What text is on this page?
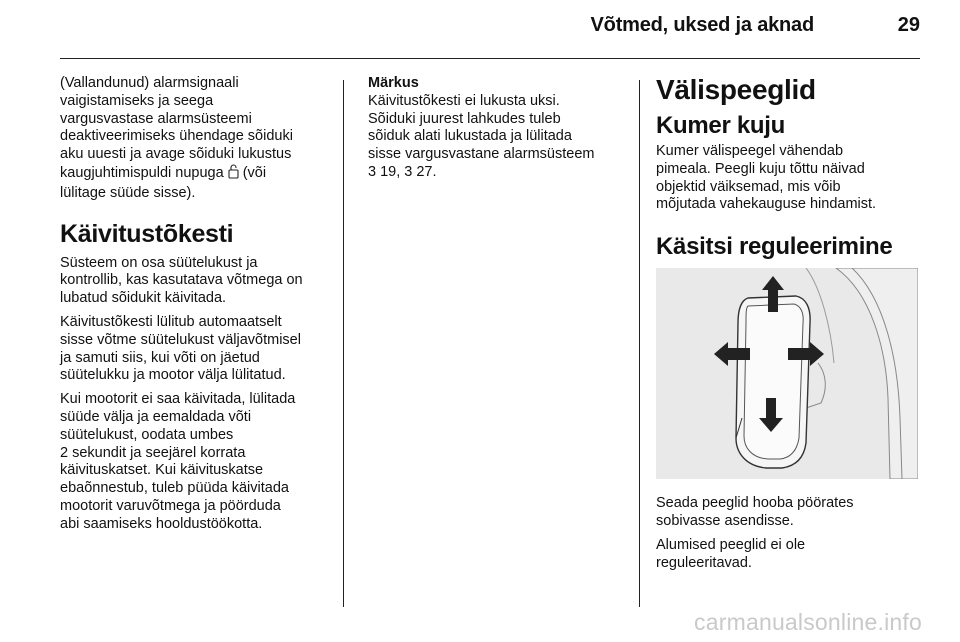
Võtmed, uksed ja aknad	29

(Vallandunud) alarmsignaali
vaigistamiseks ja seega
vargusvastase alarmsüsteemi
deaktiveerimiseks ühendage sõiduki
aku uuesti ja avage sõiduki lukustus
kaugjuhtimispuldi nupuga (või
lülitage süüde sisse).

Käivitustõkesti

Süsteem on osa süütelukust ja
kontrollib, kas kasutatava võtmega on
lubatud sõidukit käivitada.

Käivitustõkesti lülitub automaatselt
sisse võtme süütelukust väljavõtmisel
ja samuti siis, kui võti on jäetud
süütelukku ja mootor välja lülitatud.

Kui mootorit ei saa käivitada, lülitada
süüde välja ja eemaldada võti
süütelukust, oodata umbes
2 sekundit ja seejärel korrata
käivituskatset. Kui käivituskatse
ebaõnnestub, tuleb püüda käivitada
mootorit varuvõtmega ja pöörduda
abi saamiseks hooldustöökotta.

Märkus

Käivitustõkesti ei lukusta uksi.
Sõiduki juurest lahkudes tuleb
sõiduk alati lukustada ja lülitada
sisse vargusvastane alarmsüsteem
3 19, 3 27.

Välispeeglid
Kumer kuju

Kumer välispeegel vähendab
pimeala. Peegli kuju tõttu näivad
objektid väiksemad, mis võib
mõjutada vahekauguse hindamist.

Käsitsi reguleerimine

Seada peeglid hooba pöörates
sobivasse asendisse.

Alumised peeglid ei ole
reguleeritavad.

carmanualsonline.info
